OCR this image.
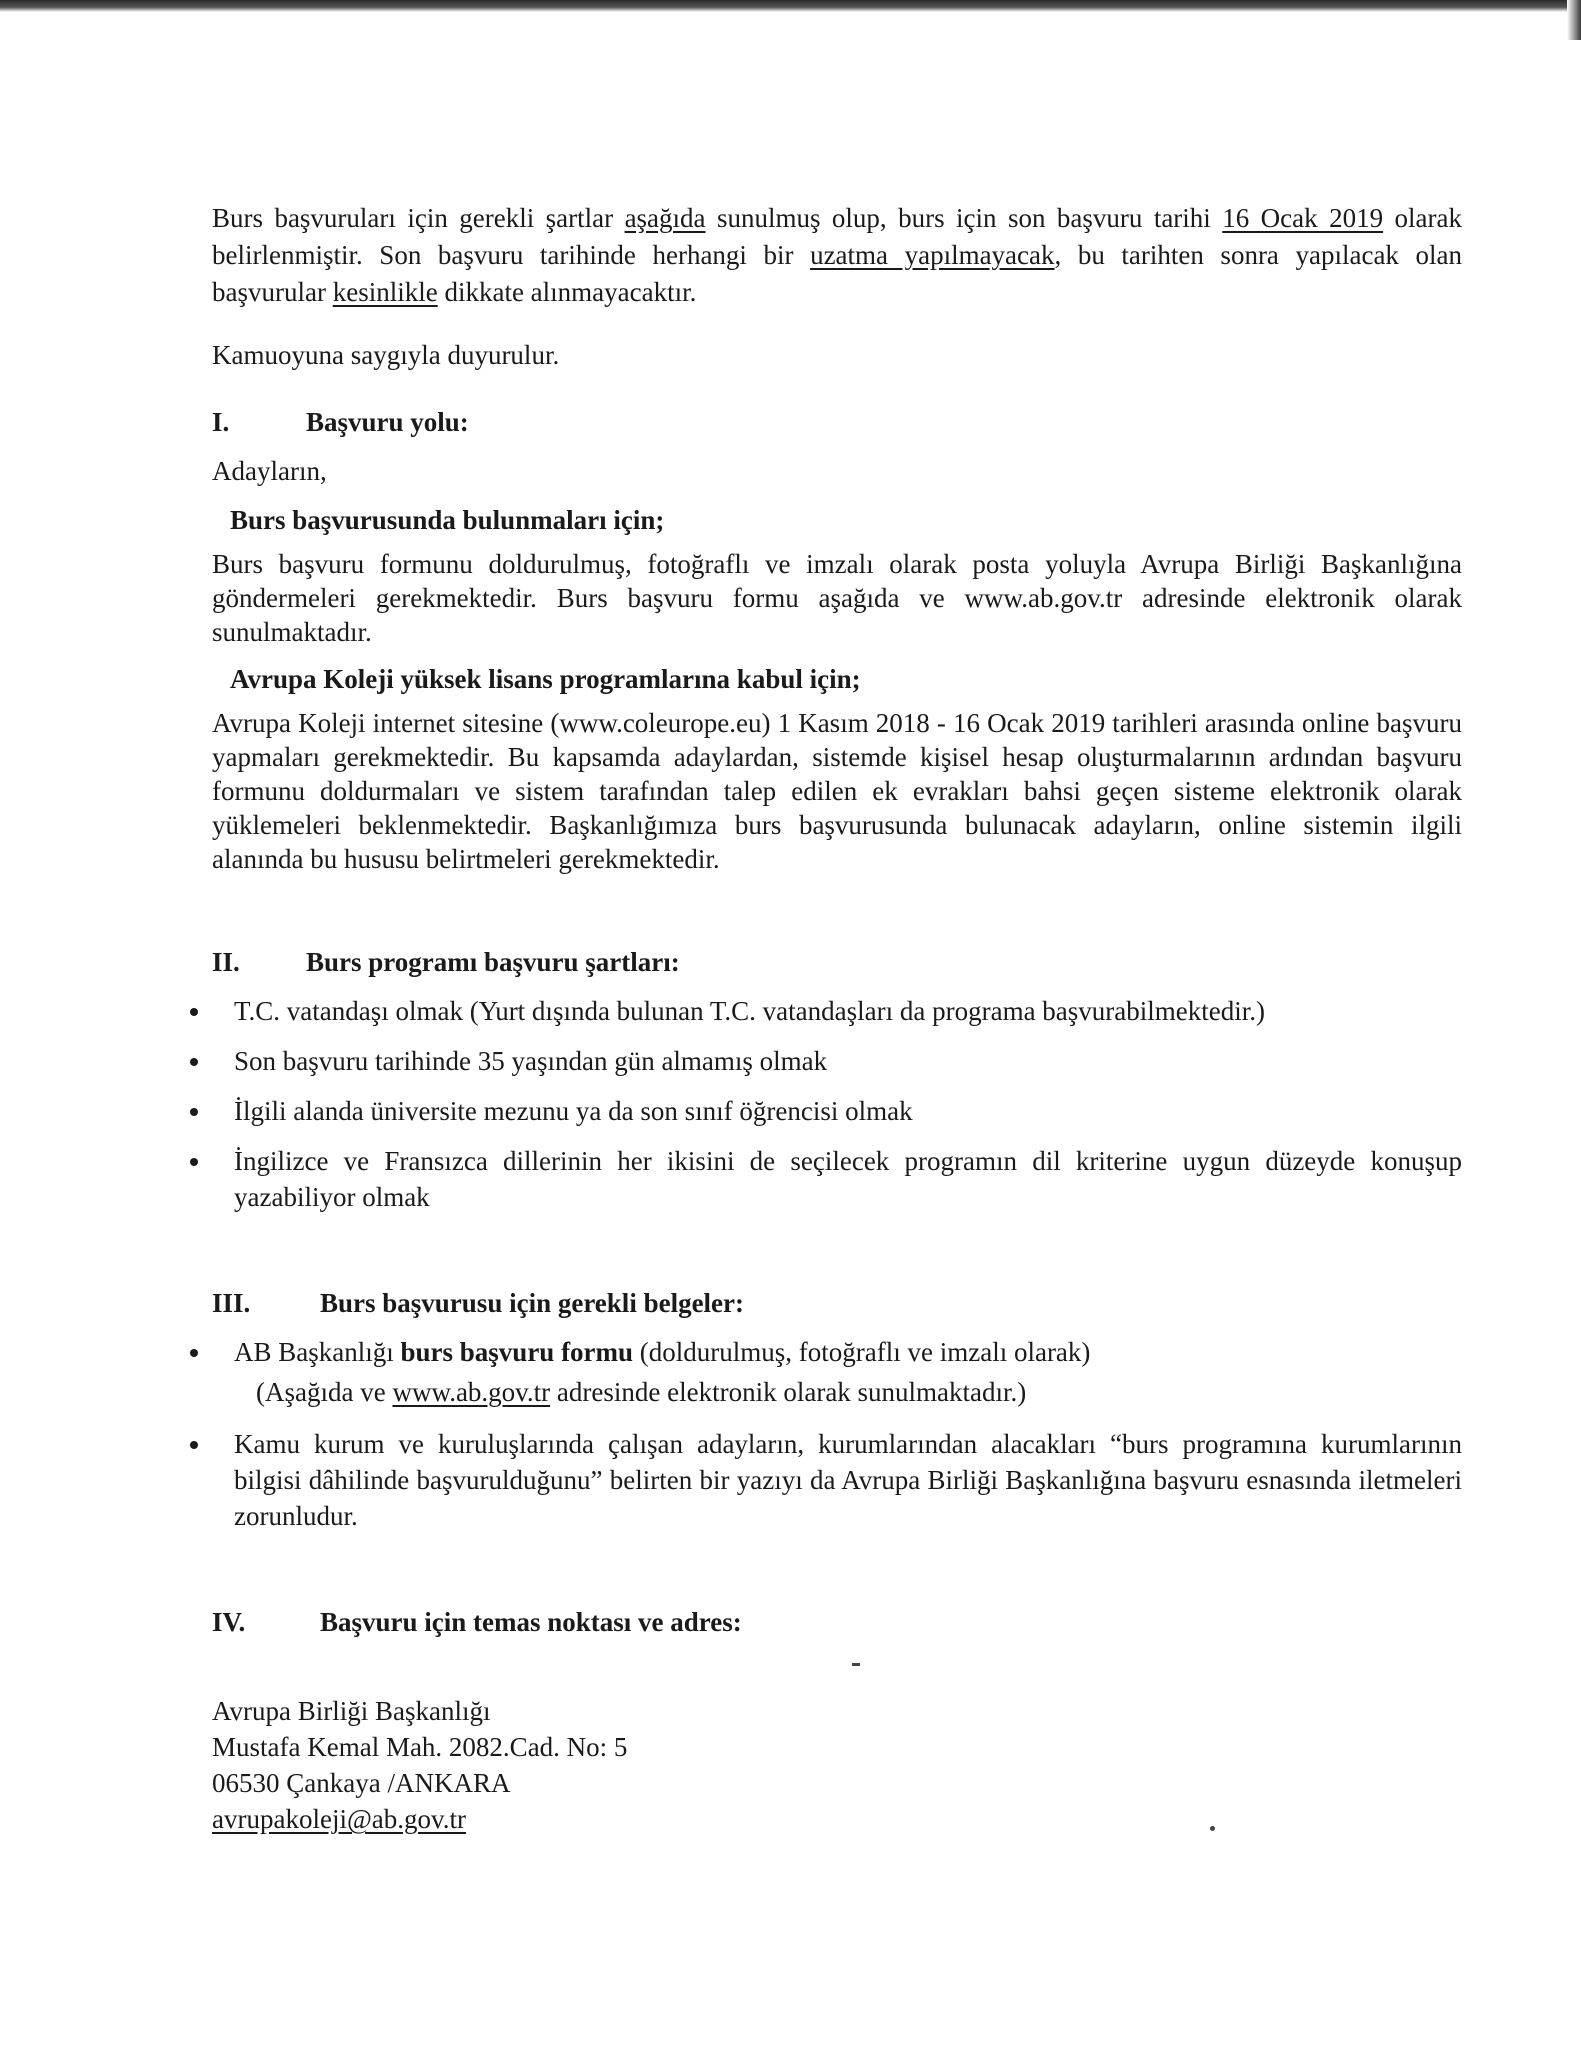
Burs başvuruları için gerekli şartlar aşağıda sunulmuş olup, burs için son başvuru tarihi 16 Ocak 2019 olarak belirlenmiştir. Son başvuru tarihinde herhangi bir uzatma yapılmayacak, bu tarihten sonra yapılacak olan başvurular kesinlikle dikkate alınmayacaktır.

Kamuoyuna saygıyla duyurulur.

I.	Başvuru yolu:

Adayların,

Burs başvurusunda bulunmaları için;

Burs başvuru formunu doldurulmuş, fotoğraflı ve imzalı olarak posta yoluyla Avrupa Birliği Başkanlığına göndermeleri gerekmektedir. Burs başvuru formu aşağıda ve www.ab.gov.tr adresinde elektronik olarak sunulmaktadır.

Avrupa Koleji yüksek lisans programlarına kabul için;

Avrupa Koleji internet sitesine (www.coleurope.eu) 1 Kasım 2018 - 16 Ocak 2019 tarihleri arasında online başvuru yapmaları gerekmektedir. Bu kapsamda adaylardan, sistemde kişisel hesap oluşturmalarının ardından başvuru formunu doldurmaları ve sistem tarafından talep edilen ek evrakları bahsi geçen sisteme elektronik olarak yüklemeleri beklenmektedir. Başkanlığımıza burs başvurusunda bulunacak adayların, online sistemin ilgili alanında bu hususu belirtmeleri gerekmektedir.

II.	Burs programı başvuru şartları:
T.C. vatandaşı olmak (Yurt dışında bulunan T.C. vatandaşları da programa başvurabilmektedir.)
Son başvuru tarihinde 35 yaşından gün almamış olmak
İlgili alanda üniversite mezunu ya da son sınıf öğrencisi olmak
İngilizce ve Fransızca dillerinin her ikisini de seçilecek programın dil kriterine uygun düzeyde konuşup yazabiliyor olmak
III.	Burs başvurusu için gerekli belgeler:
AB Başkanlığı burs başvuru formu (doldurulmuş, fotoğraflı ve imzalı olarak)

(Aşağıda ve www.ab.gov.tr adresinde elektronik olarak sunulmaktadır.)

Kamu kurum ve kuruluşlarında çalışan adayların, kurumlarından alacakları “burs programına kurumlarının bilgisi dâhilinde başvurulduğunu” belirten bir yazıyı da Avrupa Birliği Başkanlığına başvuru esnasında iletmeleri zorunludur.
IV.	Başvuru için temas noktası ve adres:

Avrupa Birliği Başkanlığı

Mustafa Kemal Mah. 2082.Cad. No: 5

06530 Çankaya /ANKARA

avrupakoleji@ab.gov.tr
